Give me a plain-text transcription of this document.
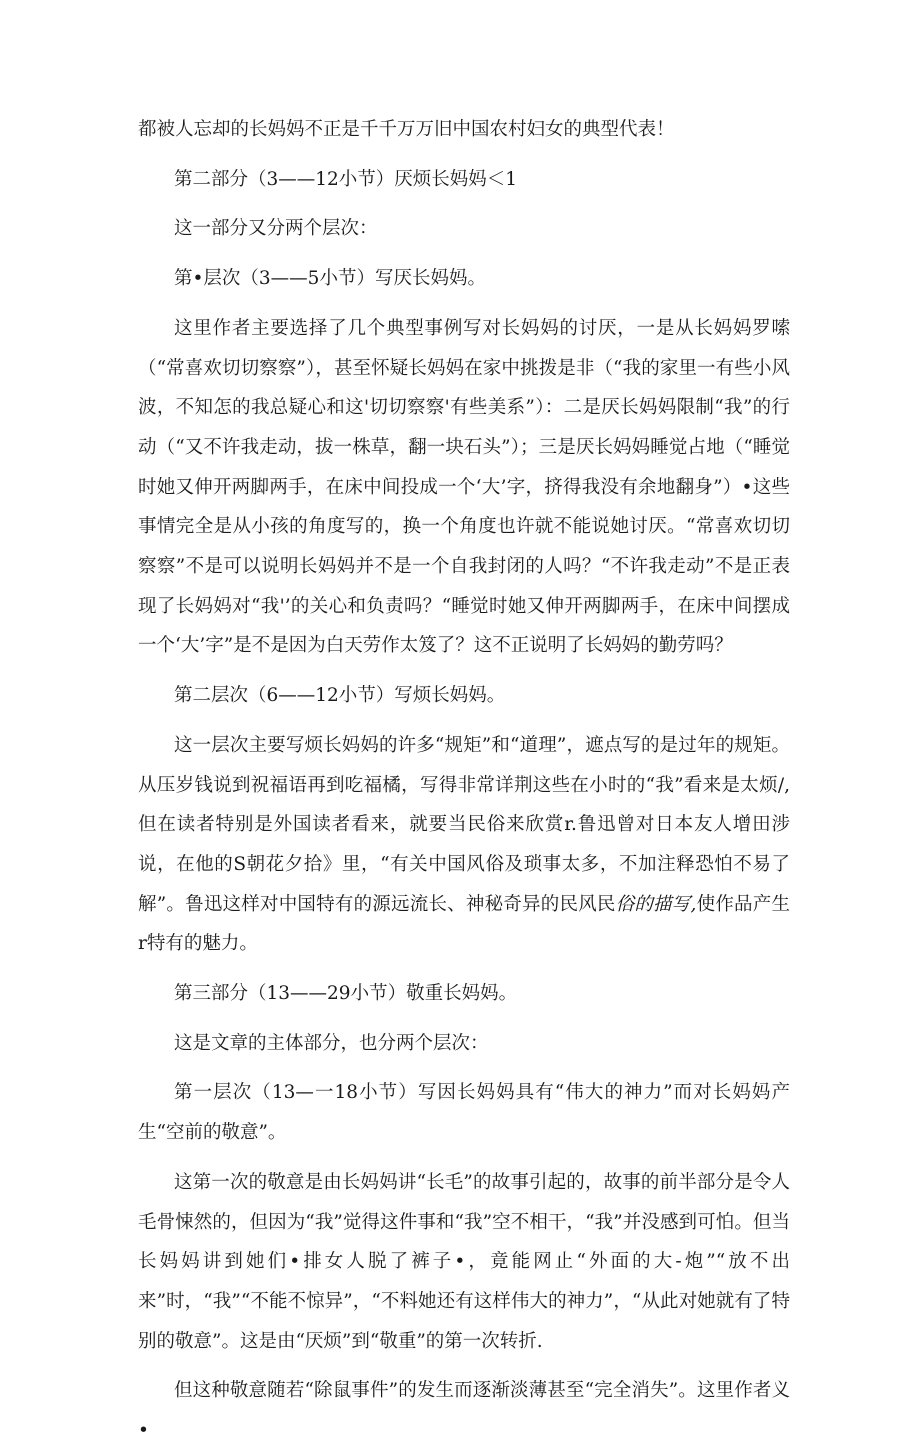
都被人忘却的长妈妈不正是千千万万旧中国农村妇女的典型代表！

第二部分（3——12小节）厌烦长妈妈＜1

这一部分又分两个层次：

第•层次（3——5小节）写厌长妈妈。

这里作者主要选择了几个典型事例写对长妈妈的讨厌，一是从长妈妈罗嗦（“常喜欢切切察察”），甚至怀疑长妈妈在家中挑拨是非（“我的家里一有些小风波，不知怎的我总疑心和这'切切察察'有些美系”）：二是厌长妈妈限制“我”的行动（“又不许我走动，拔一株草，翻一块石头”）；三是厌长妈妈睡觉占地（“睡觉时她又伸开两脚两手，在床中间投成一个‘大’字，挤得我没有余地翻身”）•这些事情完全是从小孩的角度写的，换一个角度也许就不能说她讨厌。“常喜欢切切察察”不是可以说明长妈妈并不是一个自我封闭的人吗？“不许我走动”不是正表现了长妈妈对“我'’的关心和负责吗？“睡觉时她又伸开两脚两手，在床中间摆成一个‘大’字”是不是因为白天劳作太笈了？这不正说明了长妈妈的勤劳吗？

第二层次（6——12小节）写烦长妈妈。

这一层次主要写烦长妈妈的许多“规矩”和“道理”，遮点写的是过年的规矩。从压岁钱说到祝福语再到吃福橘，写得非常详荆这些在小时的“我”看来是太烦/,但在读者特别是外国读者看来，就要当民俗来欣赏r.鲁迅曾对日本友人增田涉说，在他的S朝花夕拾》里，“有关中国风俗及琐事太多，不加注释恐怕不易了解”。鲁迅这样对中国特有的源远流长、神秘奇异的民风民俗的描写,使作品产生r特有的魅力。

第三部分（13——29小节）敬重长妈妈。

这是文章的主体部分，也分两个层次：

第一层次（13—一18小节）写因长妈妈具有“伟大的神力”而对长妈妈产生“空前的敬意”。

这第一次的敬意是由长妈妈讲“长毛”的故事引起的，故事的前半部分是令人毛骨悚然的，但因为“我”觉得这件事和“我”空不相干，“我”并没感到可怕。但当长妈妈讲到她们•排女人脱了裤子•，竟能网止“外面的大-炮”“放不出来”时，“我”“不能不惊异”，“不料她还有这样伟大的神力”，“从此对她就有了特别的敬意”。这是由“厌烦”到“敬重”的第一次转折.

但这种敬意随若“除鼠事件”的发生而逐渐淡薄甚至“完全消失”。这里作者义•
